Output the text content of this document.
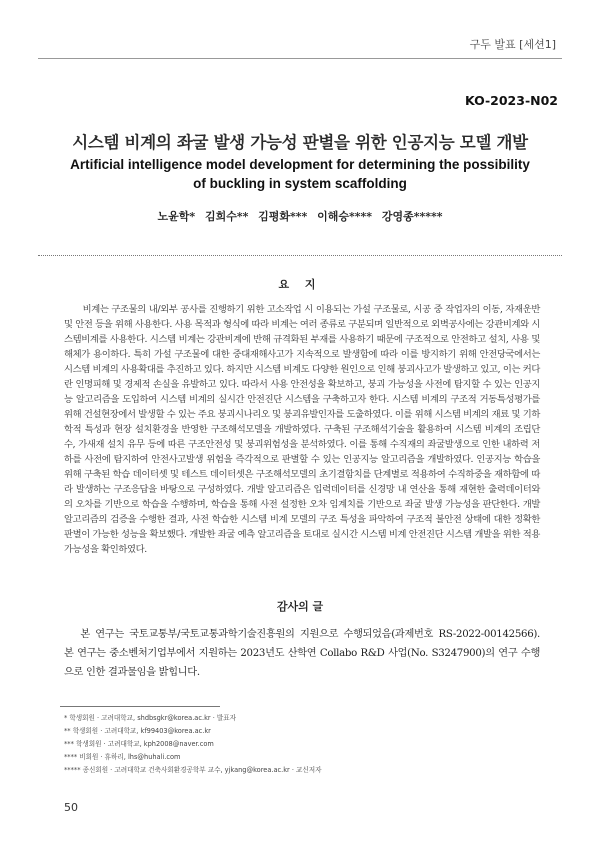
구두 발표 [세션1]
KO-2023-N02
시스템 비계의 좌굴 발생 가능성 판별을 위한 인공지능 모델 개발
Artificial intelligence model development for determining the possibility of buckling in system scaffolding
노윤학* 김희수** 김평화*** 이해승**** 강영종*****
요 지

비계는 구조물의 내/외부 공사를 진행하기 위한 고소작업 시 이용되는 가설 구조물로, 시공 중 작업자의 이동, 자재운반 및 안전 등을 위해 사용한다. 사용 목적과 형식에 따라 비계는 여러 종류로 구분되며 일반적으로 외벽공사에는 강관비계와 시스템비계를 사용한다. 시스템 비계는 강관비계에 반해 규격화된 부재를 사용하기 때문에 구조적으로 안전하고 설치, 사용 및 해체가 용이하다. 특히 가설 구조물에 대한 중대재해사고가 지속적으로 발생함에 따라 이를 방지하기 위해 안전당국에서는 시스템 비계의 사용확대를 추진하고 있다. 하지만 시스템 비계도 다양한 원인으로 인해 붕괴사고가 발생하고 있고, 이는 커다란 인명피해 및 경제적 손실을 유발하고 있다. 따라서 사용 안전성을 확보하고, 붕괴 가능성을 사전에 탐지할 수 있는 인공지능 알고리즘을 도입하여 시스템 비계의 실시간 안전진단 시스템을 구축하고자 한다. 시스템 비계의 구조적 거동특성평가를 위해 건설현장에서 발생할 수 있는 주요 붕괴시나리오 및 붕괴유발인자를 도출하였다. 이를 위해 시스템 비계의 재료 및 기하학적 특성과 현장 설치환경을 반영한 구조해석모델을 개발하였다. 구축된 구조해석기술을 활용하여 시스템 비계의 조립단수, 가새재 설치 유무 등에 따른 구조안전성 및 붕괴위험성을 분석하였다. 이를 통해 수직재의 좌굴발생으로 인한 내하력 저하를 사전에 탐지하여 안전사고발생 위험을 즉각적으로 판별할 수 있는 인공지능 알고리즘을 개발하였다. 인공지능 학습을 위해 구축된 학습 데이터셋 및 테스트 데이터셋은 구조해석모델의 초기결함치를 단계별로 적용하여 수직하중을 재하함에 따라 발생하는 구조응답을 바탕으로 구성하였다. 개발 알고리즘은 입력데이터를 신경망 내 연산을 통해 재현한 출력데이터와의 오차를 기반으로 학습을 수행하며, 학습을 통해 사전 설정한 오차 임계치를 기반으로 좌굴 발생 가능성을 판단한다. 개발 알고리즘의 검증을 수행한 결과, 사전 학습한 시스템 비계 모델의 구조 특성을 파악하여 구조적 불안전 상태에 대한 정확한 판별이 가능한 성능을 확보했다. 개발한 좌굴 예측 알고리즘을 토대로 실시간 시스템 비계 안전진단 시스템 개발을 위한 적용가능성을 확인하였다.

감사의 글

본 연구는 국토교통부/국토교통과학기술진흥원의 지원으로 수행되었음(과제번호 RS-2022-00142566). 본 연구는 중소벤처기업부에서 지원하는 2023년도 산학연 Collabo R&D 사업(No. S3247900)의 연구 수행으로 인한 결과물임을 밝힙니다.

* 학생회원 · 고려대학교, shdbsgkr@korea.ac.kr · 발표자
** 학생회원 · 고려대학교, kf99403@korea.ac.kr
*** 학생회원 · 고려대학교, kph2008@naver.com
**** 비회원 · 휴하리, lhs@huhali.com
***** 종신회원 · 고려대학교 건축사회환경공학부 교수, yjkang@korea.ac.kr · 교신저자
50
